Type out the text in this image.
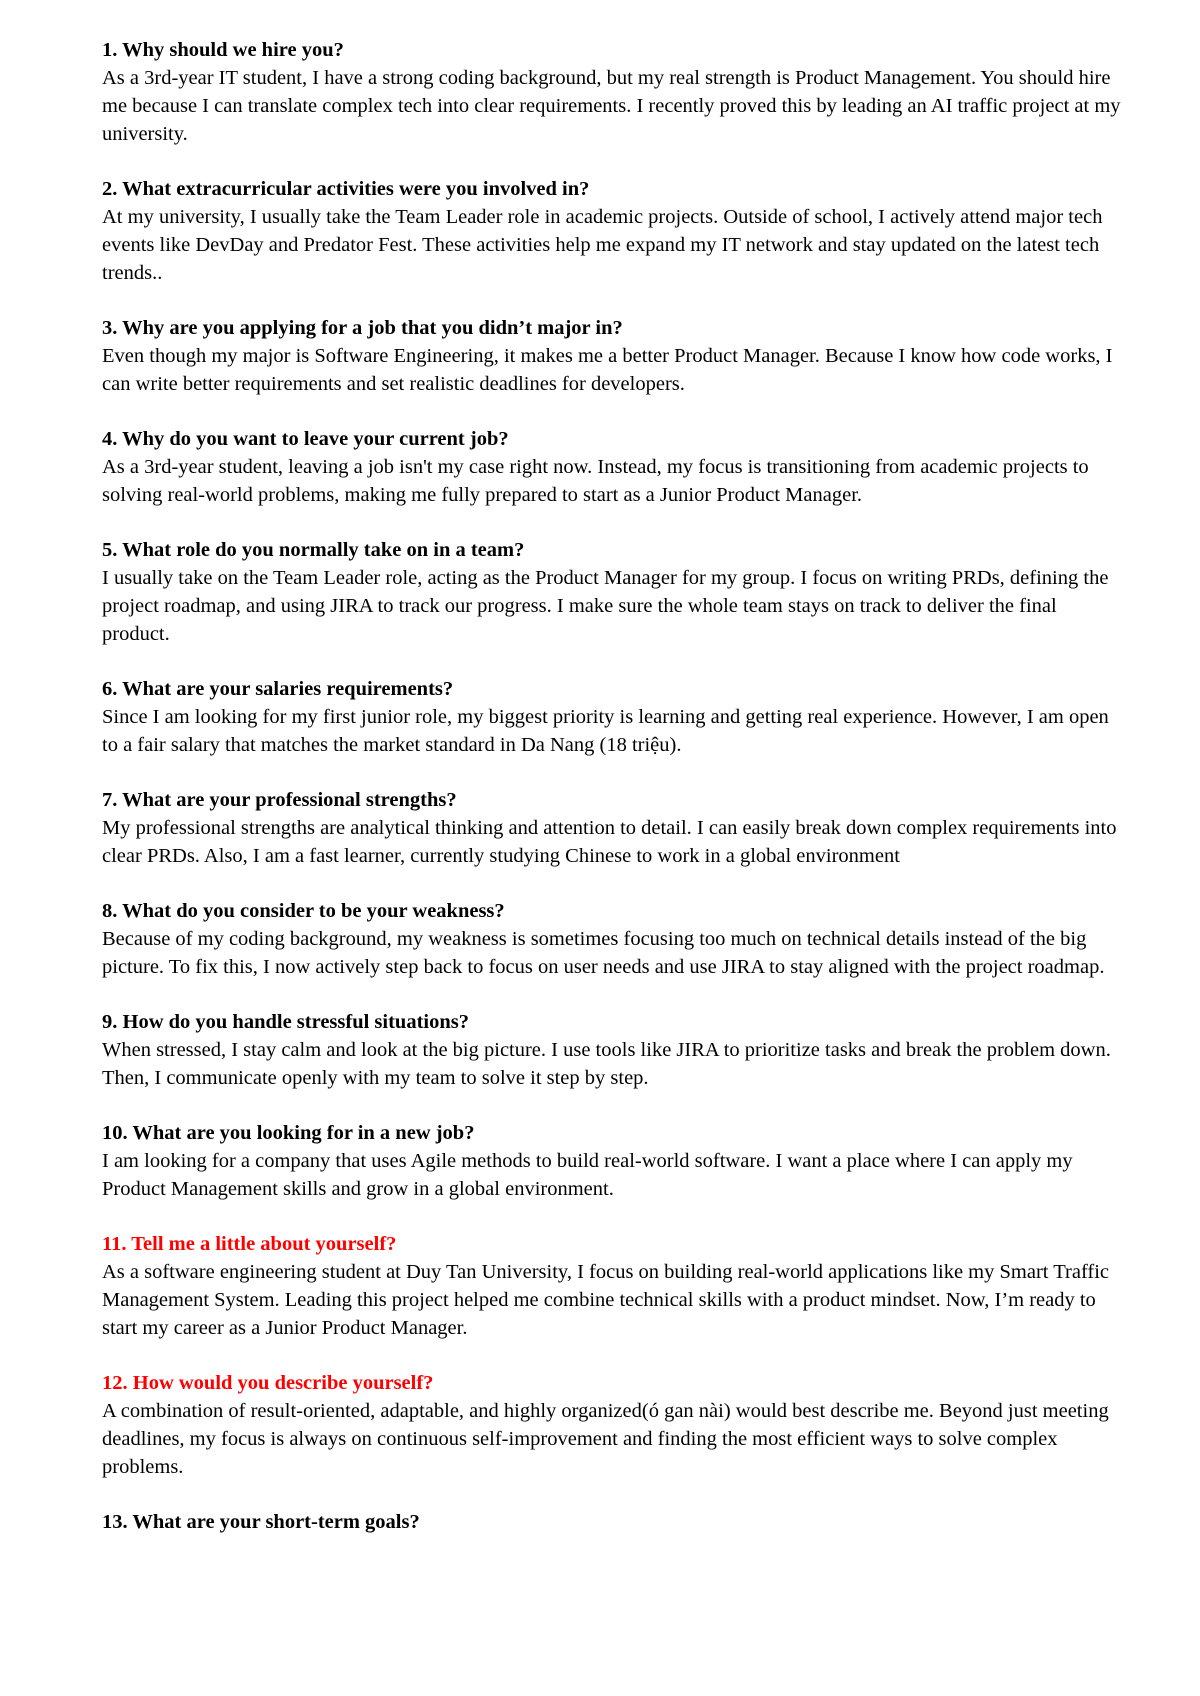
1. Why should we hire you?

As a 3rd-year IT student, I have a strong coding background, but my real strength is Product Management. You should hire me because I can translate complex tech into clear requirements. I recently proved this by leading an AI traffic project at my university.

2. What extracurricular activities were you involved in?

At my university, I usually take the Team Leader role in academic projects. Outside of school, I actively attend major tech events like DevDay and Predator Fest. These activities help me expand my IT network and stay updated on the latest tech trends..

3. Why are you applying for a job that you didn’t major in?

Even though my major is Software Engineering, it makes me a better Product Manager. Because I know how code works, I can write better requirements and set realistic deadlines for developers.

4. Why do you want to leave your current job?

As a 3rd-year student, leaving a job isn't my case right now. Instead, my focus is transitioning from academic projects to solving real-world problems, making me fully prepared to start as a Junior Product Manager.

5. What role do you normally take on in a team?

I usually take on the Team Leader role, acting as the Product Manager for my group. I focus on writing PRDs, defining the project roadmap, and using JIRA to track our progress. I make sure the whole team stays on track to deliver the final product.

6. What are your salaries requirements?

Since I am looking for my first junior role, my biggest priority is learning and getting real experience. However, I am open to a fair salary that matches the market standard in Da Nang (18 triệu).

7. What are your professional strengths?

My professional strengths are analytical thinking and attention to detail. I can easily break down complex requirements into clear PRDs. Also, I am a fast learner, currently studying Chinese to work in a global environment

8. What do you consider to be your weakness?

Because of my coding background, my weakness is sometimes focusing too much on technical details instead of the big picture. To fix this, I now actively step back to focus on user needs and use JIRA to stay aligned with the project roadmap.

9. How do you handle stressful situations?

When stressed, I stay calm and look at the big picture. I use tools like JIRA to prioritize tasks and break the problem down. Then, I communicate openly with my team to solve it step by step.

10. What are you looking for in a new job?

I am looking for a company that uses Agile methods to build real-world software. I want a place where I can apply my Product Management skills and grow in a global environment.

11. Tell me a little about yourself?

As a software engineering student at Duy Tan University, I focus on building real-world applications like my Smart Traffic Management System. Leading this project helped me combine technical skills with a product mindset. Now, I’m ready to start my career as a Junior Product Manager.

12. How would you describe yourself?

A combination of result-oriented, adaptable, and highly organized(ó gan nài) would best describe me. Beyond just meeting deadlines, my focus is always on continuous self-improvement and finding the most efficient ways to solve complex problems.

13. What are your short-term goals?
